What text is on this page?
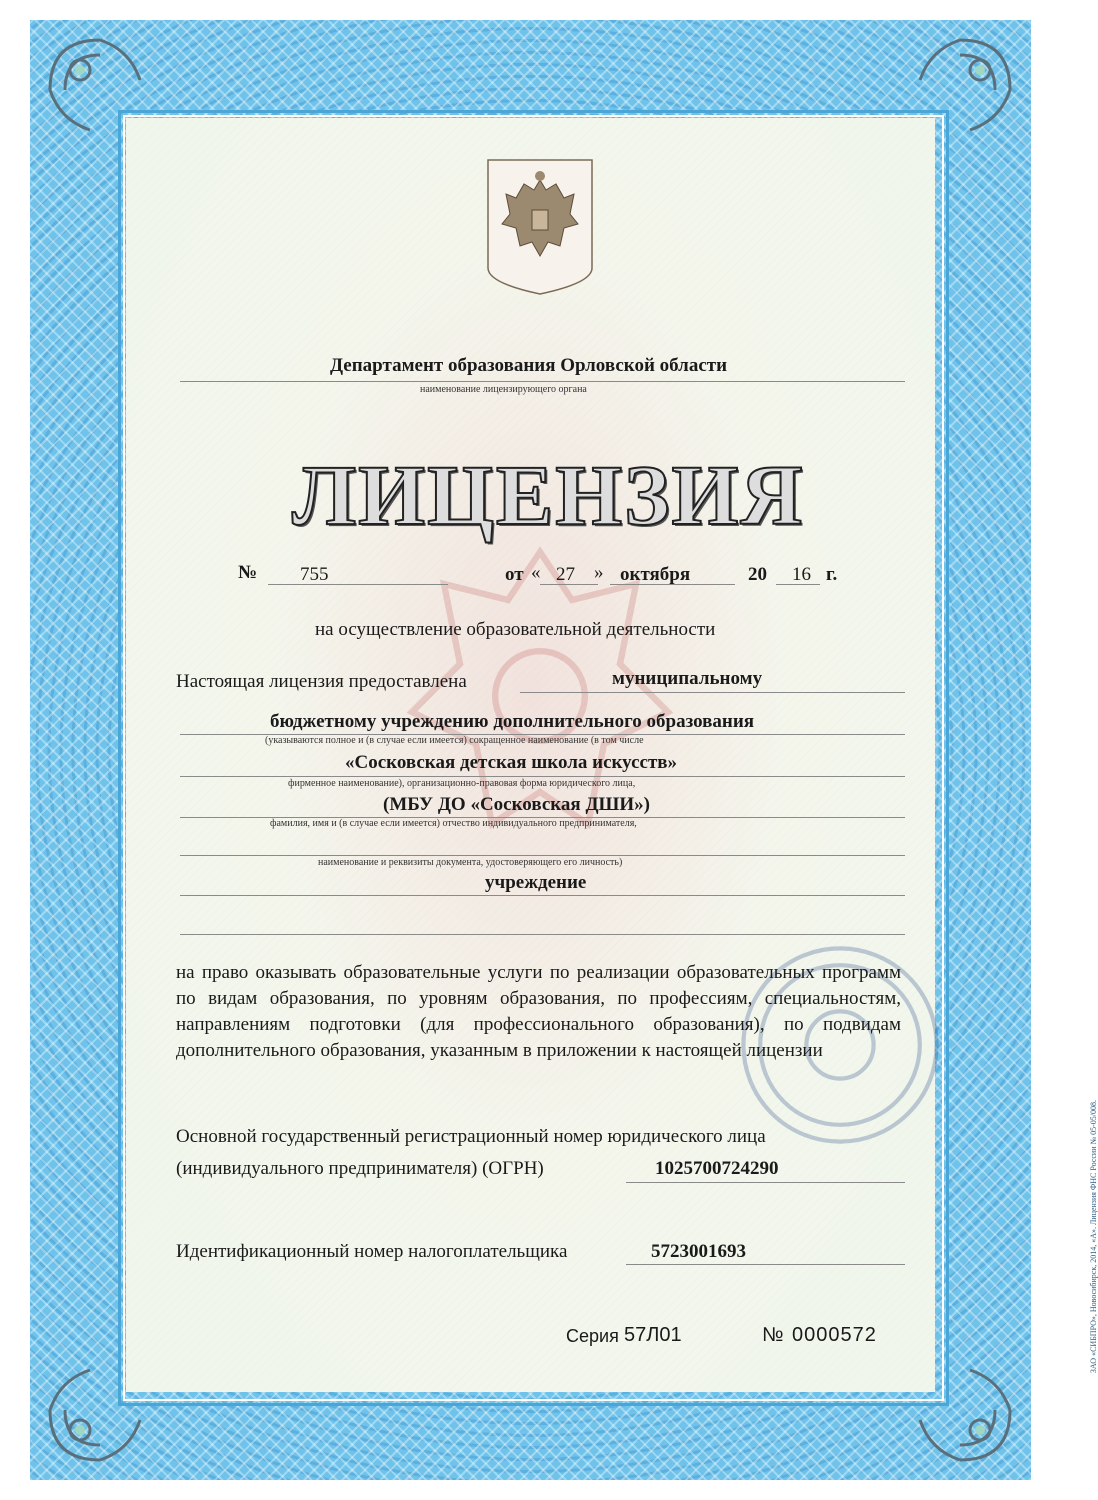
Департамент образования Орловской области
наименование лицензирующего органа
ЛИЦЕНЗИЯ
№ 755	от « 27 » октября	20 16 г.
на осуществление образовательной деятельности
Настоящая лицензия предоставлена	муниципальному
бюджетному учреждению дополнительного образования
(указываются полное и (в случае если имеется) сокращенное наименование (в том числе
«Сосковская детская школа искусств»
фирменное наименование), организационно-правовая форма юридического лица,
(МБУ ДО «Сосковская ДШИ»)
фамилия, имя и (в случае если имеется) отчество индивидуального предпринимателя,
наименование и реквизиты документа, удостоверяющего его личность)
учреждение
на право оказывать образовательные услуги по реализации образовательных программ по видам образования, по уровням образования, по профессиям, специальностям, направлениям подготовки (для профессионального образования), по подвидам дополнительного образования, указанным в приложении к настоящей лицензии
Основной государственный регистрационный номер юридического лица
(индивидуального предпринимателя) (ОГРН)	1025700724290
Идентификационный номер налогоплательщика	5723001693
Серия 57Л01	№ 0000572	ЗАО «СИБПРО», Новосибирск, 2014, «А». Лицензия ФНС России № 05-05/008.
